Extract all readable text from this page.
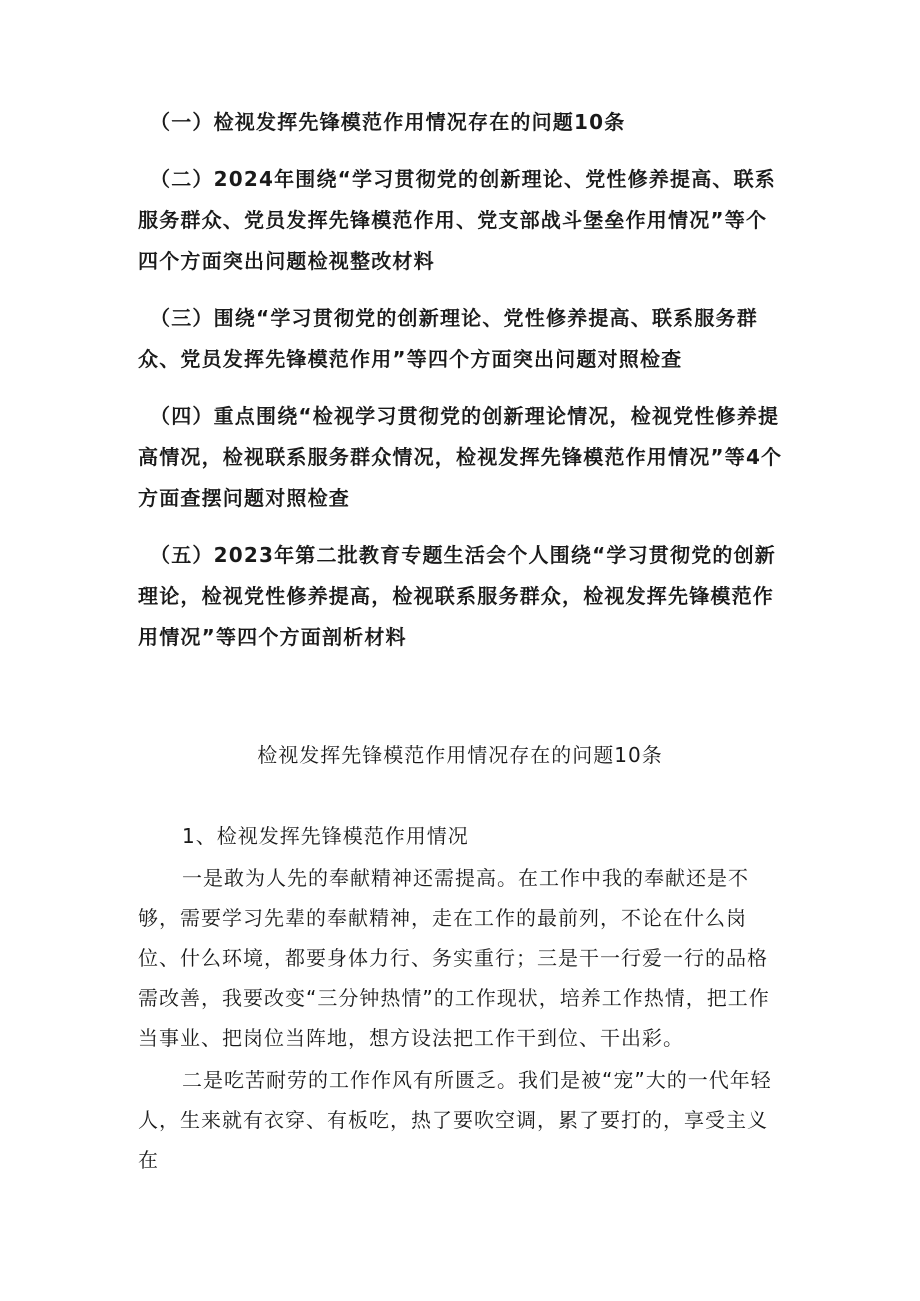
（一）检视发挥先锋模范作用情况存在的问题10条

（二）2024年围绕“学习贯彻党的创新理论、党性修养提高、联系服务群众、党员发挥先锋模范作用、党支部战斗堡垒作用情况”等个四个方面突出问题检视整改材料

（三）围绕“学习贯彻党的创新理论、党性修养提高、联系服务群众、党员发挥先锋模范作用”等四个方面突出问题对照检查

（四）重点围绕“检视学习贯彻党的创新理论情况，检视党性修养提高情况，检视联系服务群众情况，检视发挥先锋模范作用情况”等4个方面查摆问题对照检查

（五）2023年第二批教育专题生活会个人围绕“学习贯彻党的创新理论，检视党性修养提高，检视联系服务群众，检视发挥先锋模范作用情况”等四个方面剖析材料

检视发挥先锋模范作用情况存在的问题10条

1、检视发挥先锋模范作用情况

一是敢为人先的奉献精神还需提高。在工作中我的奉献还是不够，需要学习先辈的奉献精神，走在工作的最前列，不论在什么岗位、什么环境，都要身体力行、务实重行；三是干一行爱一行的品格需改善，我要改变“三分钟热情”的工作现状，培养工作热情，把工作当事业、把岗位当阵地，想方设法把工作干到位、干出彩。

二是吃苦耐劳的工作作风有所匮乏。我们是被“宠”大的一代年轻人，生来就有衣穿、有板吃，热了要吹空调，累了要打的，享受主义在
